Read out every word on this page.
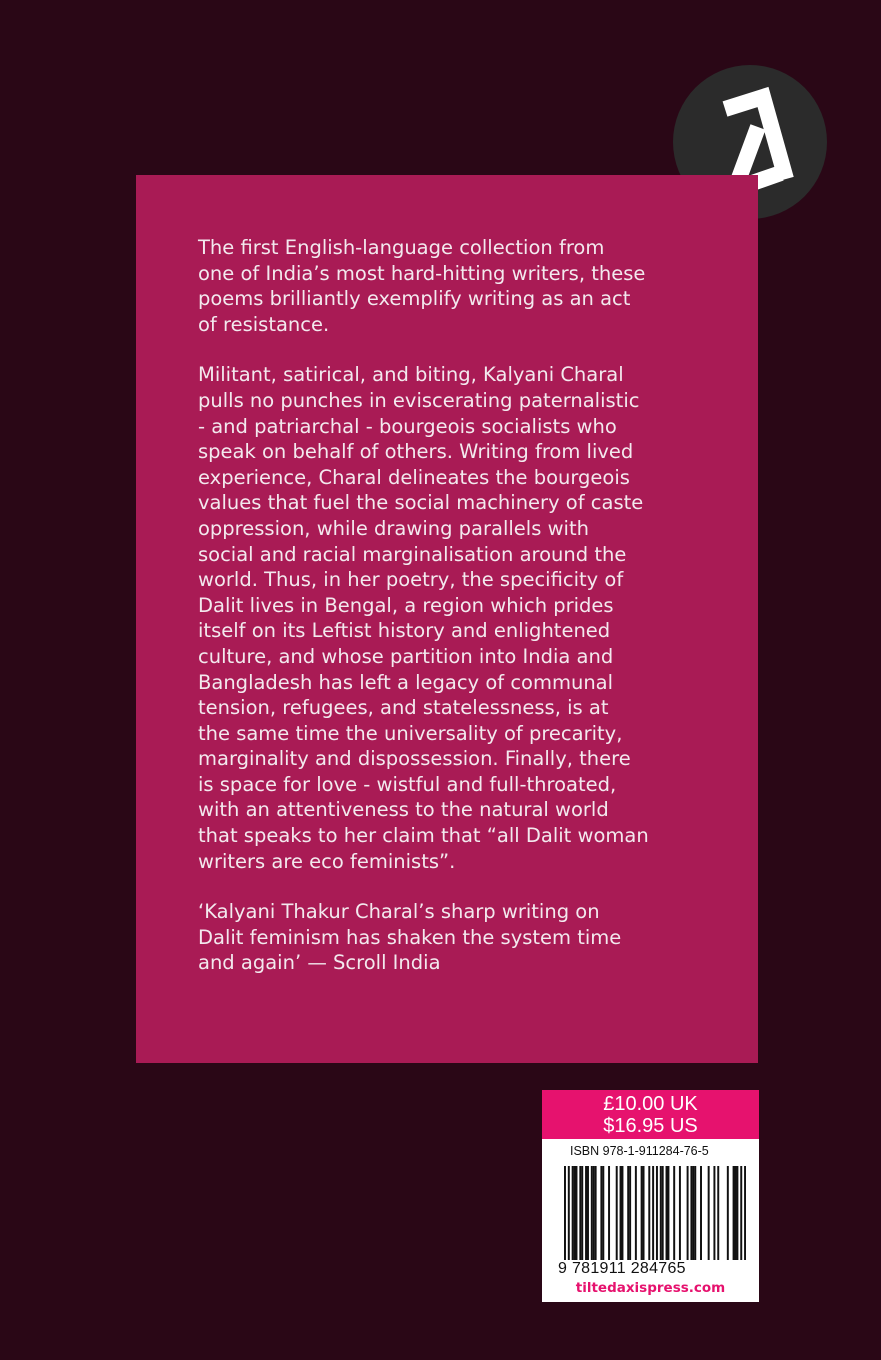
The first English-language collection from
one of India’s most hard-hitting writers, these
poems brilliantly exemplify writing as an act
of resistance.

Militant, satirical, and biting, Kalyani Charal
pulls no punches in eviscerating paternalistic
- and patriarchal - bourgeois socialists who
speak on behalf of others. Writing from lived
experience, Charal delineates the bourgeois
values that fuel the social machinery of caste
oppression, while drawing parallels with
social and racial marginalisation around the
world. Thus, in her poetry, the specificity of
Dalit lives in Bengal, a region which prides
itself on its Leftist history and enlightened
culture, and whose partition into India and
Bangladesh has left a legacy of communal
tension, refugees, and statelessness, is at
the same time the universality of precarity,
marginality and dispossession. Finally, there
is space for love - wistful and full-throated,
with an attentiveness to the natural world
that speaks to her claim that “all Dalit woman
writers are eco feminists”.

‘Kalyani Thakur Charal’s sharp writing on
Dalit feminism has shaken the system time
and again’ — Scroll India

£10.00 UK
$16.95 US
ISBN 978-1-911284-76-5
9 781911 284765
tiltedaxispress.com
